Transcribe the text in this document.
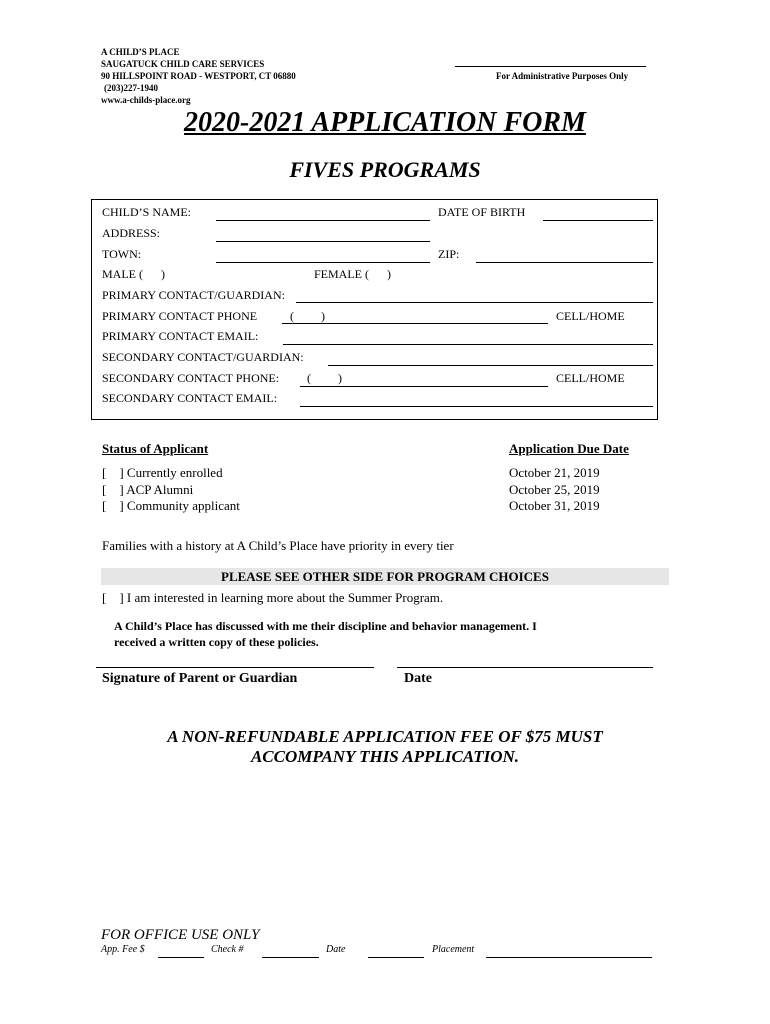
A CHILD’S PLACE
SAUGATUCK CHILD CARE SERVICES
90 HILLSPOINT ROAD - WESTPORT, CT 06880
(203)227-1940
www.a-childs-place.org
For Administrative Purposes Only
2020-2021 APPLICATION FORM
FIVES PROGRAMS
CHILD’S NAME:	DATE OF BIRTH
ADDRESS:
TOWN:	ZIP:
MALE (      )	FEMALE (      )
PRIMARY CONTACT/GUARDIAN:
PRIMARY CONTACT PHONE	(         )	CELL/HOME
PRIMARY CONTACT EMAIL:
SECONDARY CONTACT/GUARDIAN:
SECONDARY CONTACT PHONE: (         )	CELL/HOME
SECONDARY CONTACT EMAIL:
Status of Applicant	Application Due Date
[    ] Currently enrolled	October 21, 2019
[    ] ACP Alumni	October 25, 2019
[    ] Community applicant	October 31, 2019
Families with a history at A Child’s Place have priority in every tier
PLEASE SEE OTHER SIDE FOR PROGRAM CHOICES
[    ] I am interested in learning more about the Summer Program.
A Child’s Place has discussed with me their discipline and behavior management. I
received a written copy of these policies.
Signature of Parent or Guardian	Date
A NON-REFUNDABLE APPLICATION FEE OF $75 MUST
ACCOMPANY THIS APPLICATION.
FOR OFFICE USE ONLY
App. Fee $	Check #	Date	Placement
